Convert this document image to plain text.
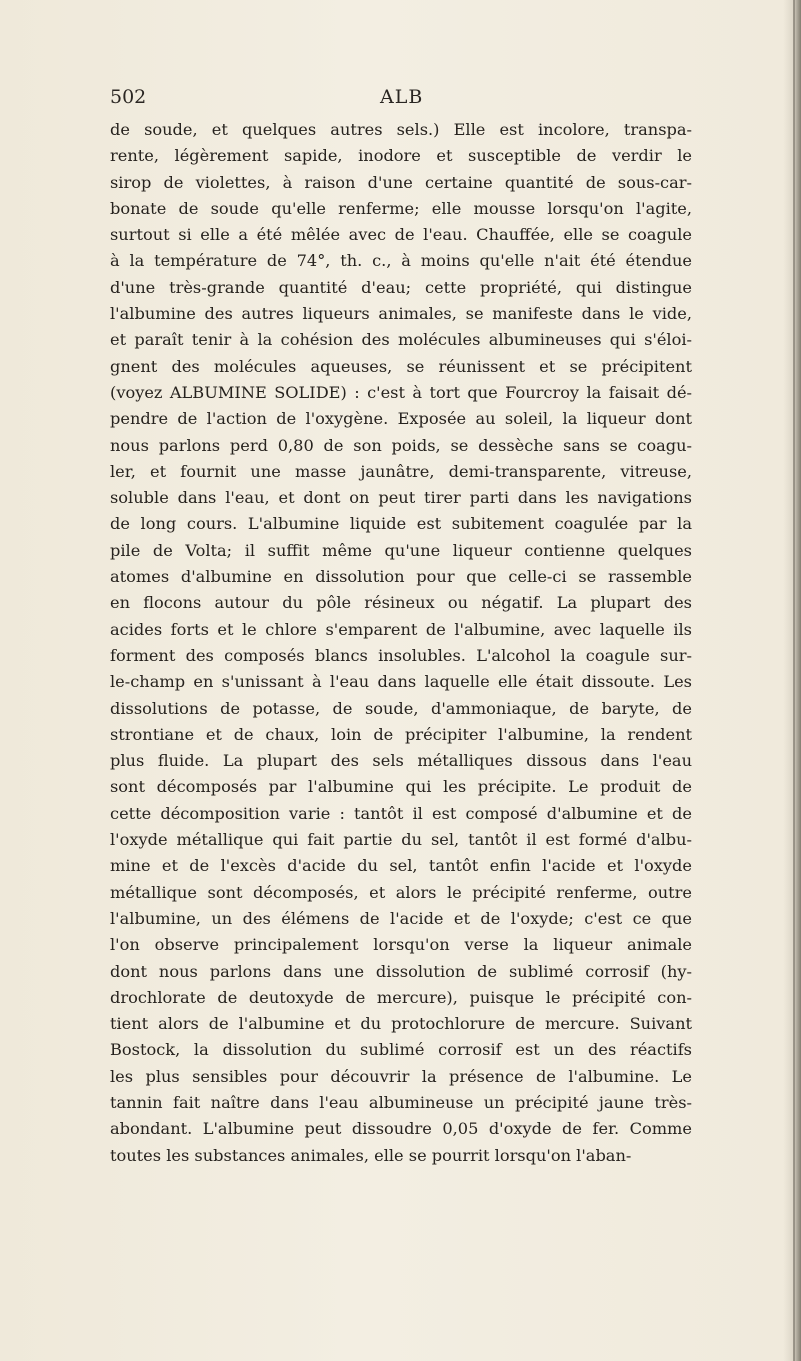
502	ALB
de soude, et quelques autres sels.) Elle est incolore, transpa-
rente, légèrement sapide, inodore et susceptible de verdir le
sirop de violettes, à raison d'une certaine quantité de sous-car-
bonate de soude qu'elle renferme; elle mousse lorsqu'on l'agite,
surtout si elle a été mêlée avec de l'eau. Chauffée, elle se coagule
à la température de 74°, th. c., à moins qu'elle n'ait été étendue
d'une très-grande quantité d'eau; cette propriété, qui distingue
l'albumine des autres liqueurs animales, se manifeste dans le vide,
et paraît tenir à la cohésion des molécules albumineuses qui s'éloi-
gnent des molécules aqueuses, se réunissent et se précipitent
(voyez ALBUMINE SOLIDE) : c'est à tort que Fourcroy la faisait dé-
pendre de l'action de l'oxygène. Exposée au soleil, la liqueur dont
nous parlons perd 0,80 de son poids, se dessèche sans se coagu-
ler, et fournit une masse jaunâtre, demi-transparente, vitreuse,
soluble dans l'eau, et dont on peut tirer parti dans les navigations
de long cours. L'albumine liquide est subitement coagulée par la
pile de Volta; il suffit même qu'une liqueur contienne quelques
atomes d'albumine en dissolution pour que celle-ci se rassemble
en flocons autour du pôle résineux ou négatif. La plupart des
acides forts et le chlore s'emparent de l'albumine, avec laquelle ils
forment des composés blancs insolubles. L'alcohol la coagule sur-
le-champ en s'unissant à l'eau dans laquelle elle était dissoute. Les
dissolutions de potasse, de soude, d'ammoniaque, de baryte, de
strontiane et de chaux, loin de précipiter l'albumine, la rendent
plus fluide. La plupart des sels métalliques dissous dans l'eau
sont décomposés par l'albumine qui les précipite. Le produit de
cette décomposition varie : tantôt il est composé d'albumine et de
l'oxyde métallique qui fait partie du sel, tantôt il est formé d'albu-
mine et de l'excès d'acide du sel, tantôt enfin l'acide et l'oxyde
métallique sont décomposés, et alors le précipité renferme, outre
l'albumine, un des élémens de l'acide et de l'oxyde; c'est ce que
l'on observe principalement lorsqu'on verse la liqueur animale
dont nous parlons dans une dissolution de sublimé corrosif (hy-
drochlorate de deutoxyde de mercure), puisque le précipité con-
tient alors de l'albumine et du protochlorure de mercure. Suivant
Bostock, la dissolution du sublimé corrosif est un des réactifs
les plus sensibles pour découvrir la présence de l'albumine. Le
tannin fait naître dans l'eau albumineuse un précipité jaune très-
abondant. L'albumine peut dissoudre 0,05 d'oxyde de fer. Comme
toutes les substances animales, elle se pourrit lorsqu'on l'aban-
